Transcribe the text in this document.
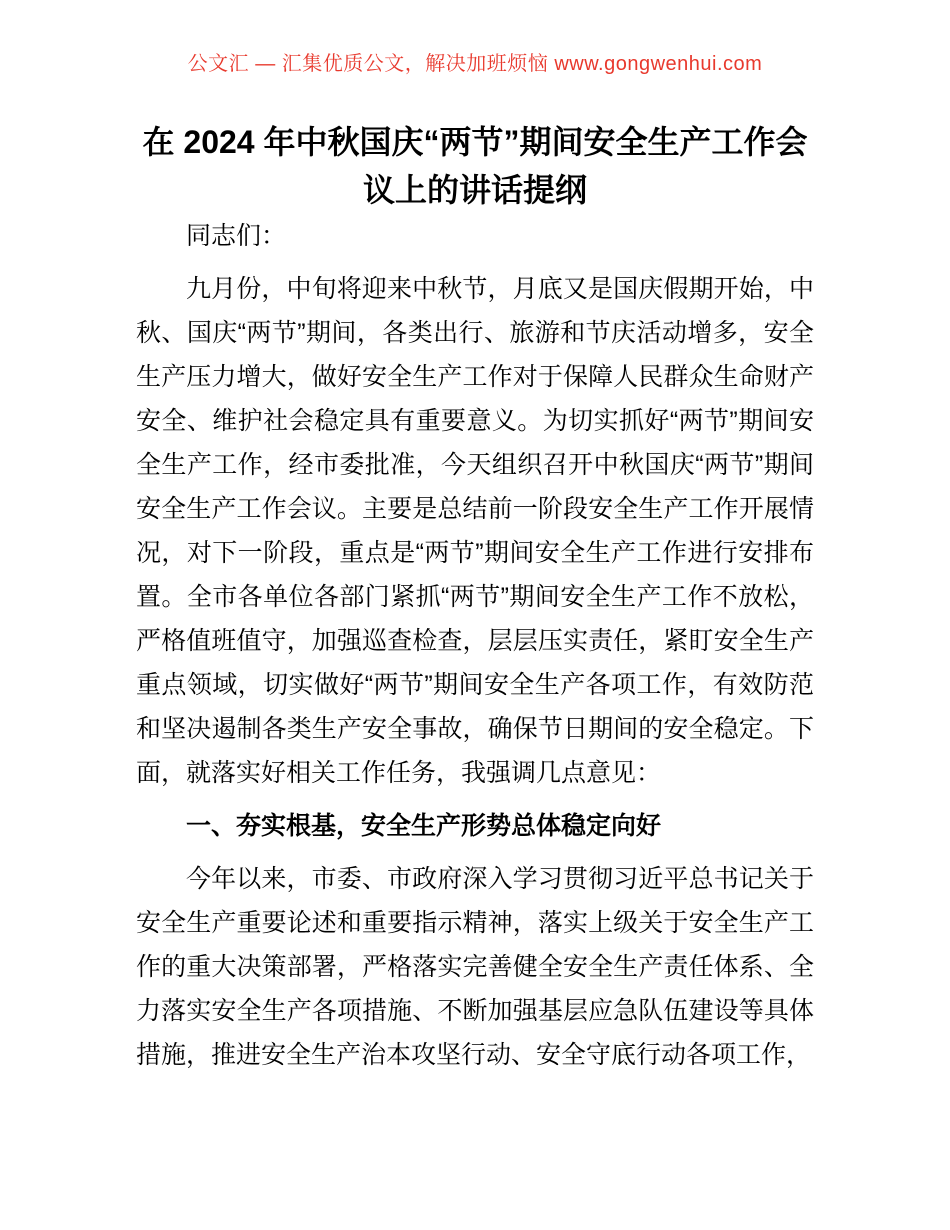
公文汇 — 汇集优质公文，解决加班烦恼 www.gongwenhui.com
在 2024 年中秋国庆“两节”期间安全生产工作会议上的讲话提纲

同志们：

九月份，中旬将迎来中秋节，月底又是国庆假期开始，中秋、国庆“两节”期间，各类出行、旅游和节庆活动增多，安全生产压力增大，做好安全生产工作对于保障人民群众生命财产安全、维护社会稳定具有重要意义。为切实抓好“两节”期间安全生产工作，经市委批准，今天组织召开中秋国庆“两节”期间安全生产工作会议。主要是总结前一阶段安全生产工作开展情况，对下一阶段，重点是“两节”期间安全生产工作进行安排布置。全市各单位各部门紧抓“两节”期间安全生产工作不放松，严格值班值守，加强巡查检查，层层压实责任，紧盯安全生产重点领域，切实做好“两节”期间安全生产各项工作，有效防范和坚决遏制各类生产安全事故，确保节日期间的安全稳定。下面，就落实好相关工作任务，我强调几点意见：

一、夯实根基，安全生产形势总体稳定向好

今年以来，市委、市政府深入学习贯彻习近平总书记关于安全生产重要论述和重要指示精神，落实上级关于安全生产工作的重大决策部署，严格落实完善健全安全生产责任体系、全力落实安全生产各项措施、不断加强基层应急队伍建设等具体措施，推进安全生产治本攻坚行动、安全守底行动各项工作，
